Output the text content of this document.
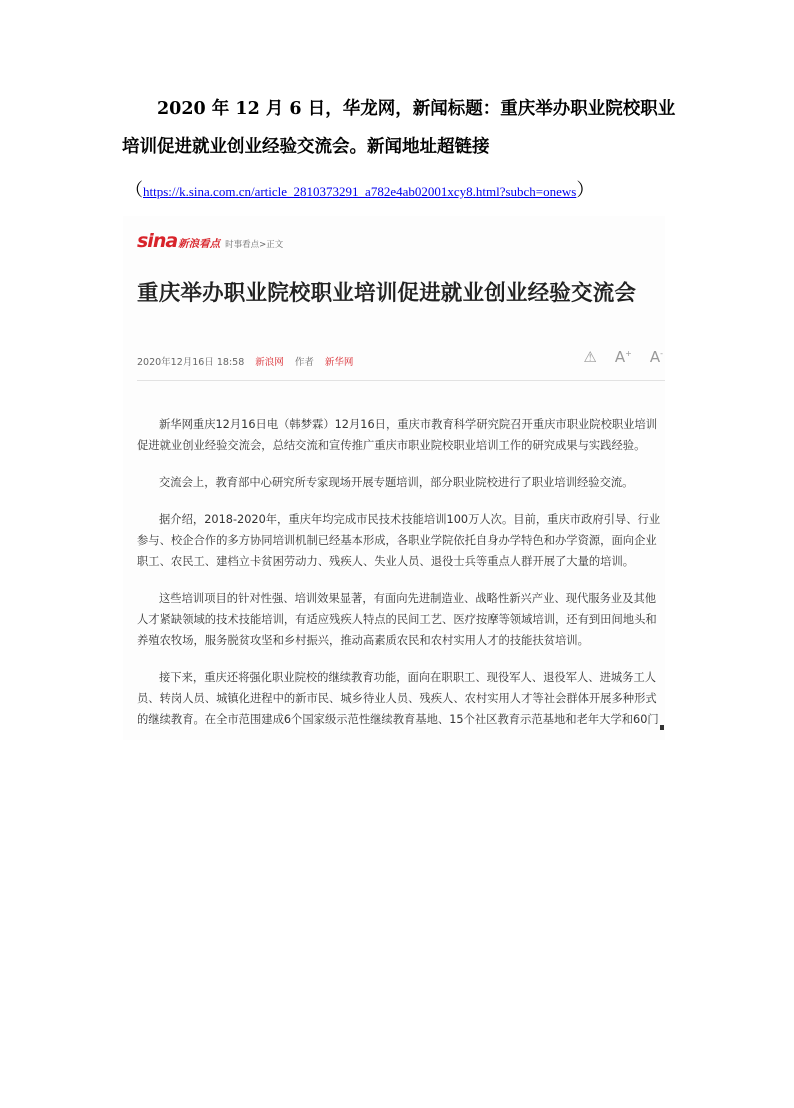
2020 年 12 月 6 日，华龙网，新闻标题：重庆举办职业院校职业

培训促进就业创业经验交流会。新闻地址超链接

（https://k.sina.com.cn/article_2810373291_a782e4ab02001xcy8.html?subch=onews）
sina 新浪看点 时事看点>正文
重庆举办职业院校职业培训促进就业创业经验交流会
2020年12月16日 18:58 新浪网 作者 新华网	⚠ A+ A-

新华网重庆12月16日电（韩梦霖）12月16日，重庆市教育科学研究院召开重庆市职业院校职业培训促进就业创业经验交流会，总结交流和宣传推广重庆市职业院校职业培训工作的研究成果与实践经验。

交流会上，教育部中心研究所专家现场开展专题培训，部分职业院校进行了职业培训经验交流。

据介绍，2018-2020年，重庆年均完成市民技术技能培训100万人次。目前，重庆市政府引导、行业参与、校企合作的多方协同培训机制已经基本形成，各职业学院依托自身办学特色和办学资源，面向企业职工、农民工、建档立卡贫困劳动力、残疾人、失业人员、退役士兵等重点人群开展了大量的培训。

这些培训项目的针对性强、培训效果显著，有面向先进制造业、战略性新兴产业、现代服务业及其他人才紧缺领域的技术技能培训，有适应残疾人特点的民间工艺、医疗按摩等领域培训，还有到田间地头和养殖农牧场，服务脱贫攻坚和乡村振兴，推动高素质农民和农村实用人才的技能扶贫培训。

接下来，重庆还将强化职业院校的继续教育功能，面向在职职工、现役军人、退役军人、进城务工人员、转岗人员、城镇化进程中的新市民、城乡待业人员、残疾人、农村实用人才等社会群体开展多种形式的继续教育。在全市范围建成6个国家级示范性继续教育基地、15个社区教育示范基地和老年大学和60门
